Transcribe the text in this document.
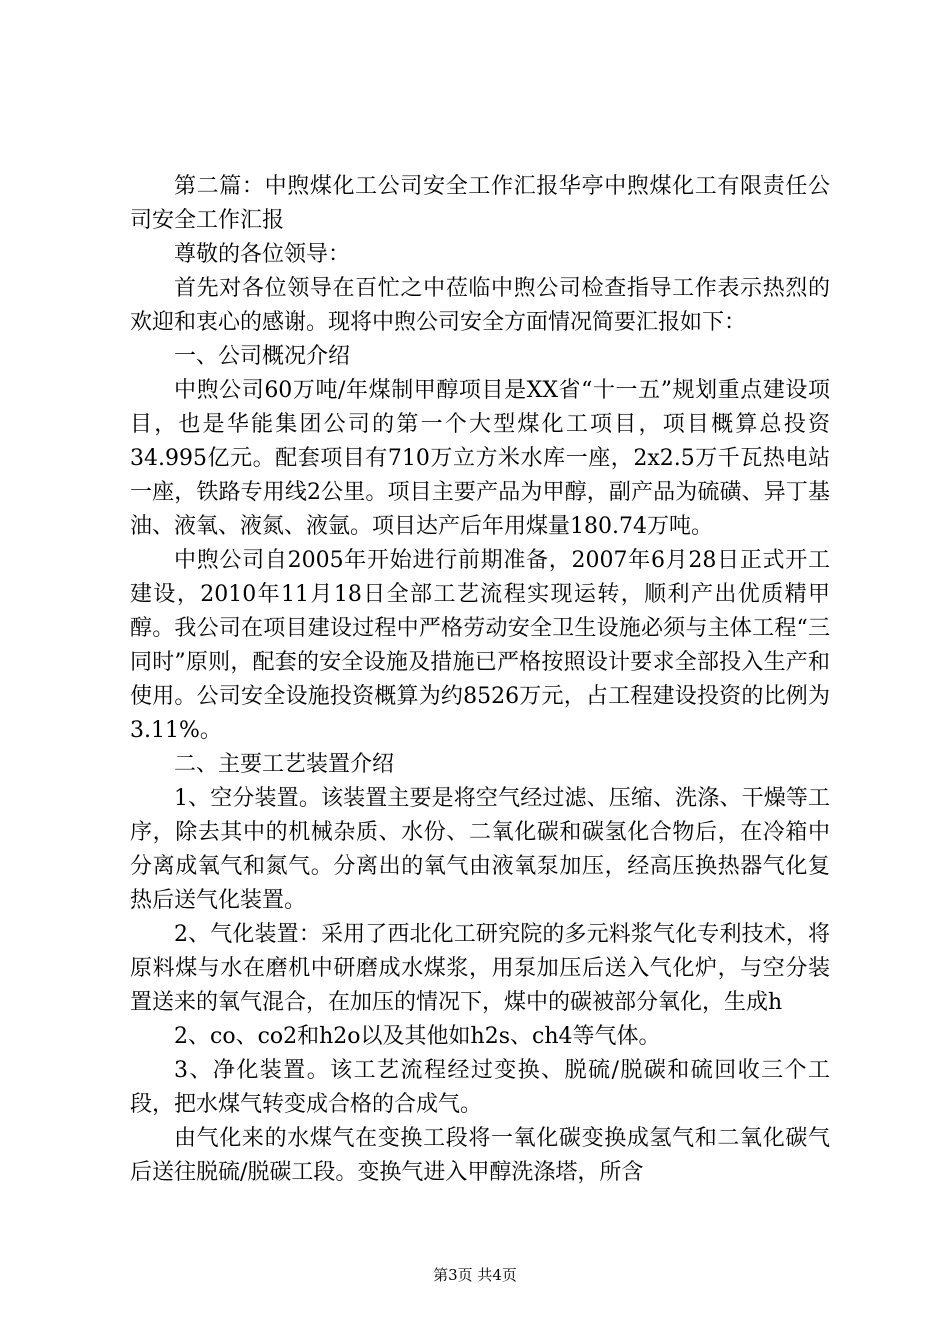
第二篇：中煦煤化工公司安全工作汇报华亭中煦煤化工有限责任公司安全工作汇报

尊敬的各位领导：

首先对各位领导在百忙之中莅临中煦公司检查指导工作表示热烈的欢迎和衷心的感谢。现将中煦公司安全方面情况简要汇报如下：

一、公司概况介绍

中煦公司60万吨/年煤制甲醇项目是XX省“十一五”规划重点建设项目，也是华能集团公司的第一个大型煤化工项目，项目概算总投资34.995亿元。配套项目有710万立方米水库一座，2x2.5万千瓦热电站一座，铁路专用线2公里。项目主要产品为甲醇，副产品为硫磺、异丁基油、液氧、液氮、液氩。项目达产后年用煤量180.74万吨。

中煦公司自2005年开始进行前期准备，2007年6月28日正式开工建设，2010年11月18日全部工艺流程实现运转，顺利产出优质精甲醇。我公司在项目建设过程中严格劳动安全卫生设施必须与主体工程“三同时”原则，配套的安全设施及措施已严格按照设计要求全部投入生产和使用。公司安全设施投资概算为约8526万元，占工程建设投资的比例为3.11%。

二、主要工艺装置介绍

1、空分装置。该装置主要是将空气经过滤、压缩、洗涤、干燥等工序，除去其中的机械杂质、水份、二氧化碳和碳氢化合物后，在冷箱中分离成氧气和氮气。分离出的氧气由液氧泵加压，经高压换热器气化复热后送气化装置。

2、气化装置：采用了西北化工研究院的多元料浆气化专利技术，将原料煤与水在磨机中研磨成水煤浆，用泵加压后送入气化炉，与空分装置送来的氧气混合，在加压的情况下，煤中的碳被部分氧化，生成h

2、co、co2和h2o以及其他如h2s、ch4等气体。

3、净化装置。该工艺流程经过变换、脱硫/脱碳和硫回收三个工段，把水煤气转变成合格的合成气。

由气化来的水煤气在变换工段将一氧化碳变换成氢气和二氧化碳气后送往脱硫/脱碳工段。变换气进入甲醇洗涤塔，所含

第3页 共4页
